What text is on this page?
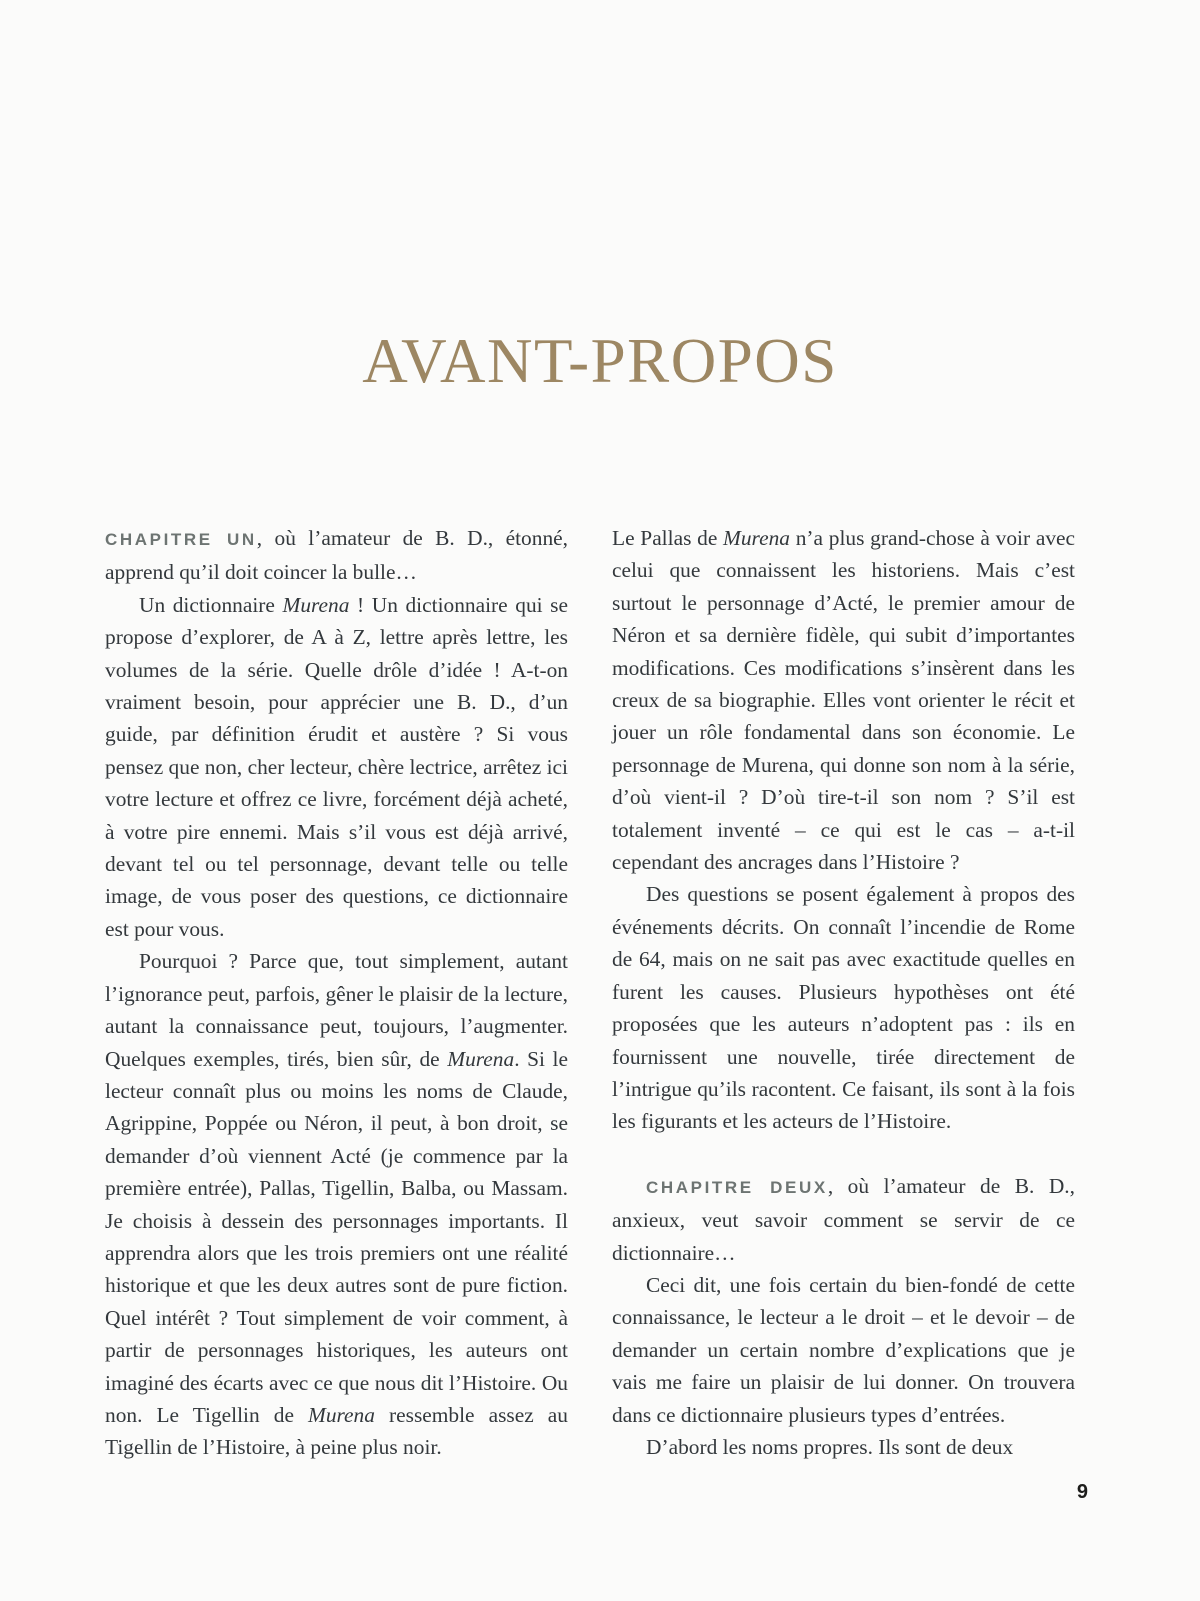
AVANT-PROPOS

CHAPITRE UN, où l’amateur de B. D., étonné, apprend qu’il doit coincer la bulle…

Un dictionnaire Murena ! Un dictionnaire qui se propose d’explorer, de A à Z, lettre après lettre, les volumes de la série. Quelle drôle d’idée ! A-t-on vraiment besoin, pour apprécier une B. D., d’un guide, par définition érudit et austère ? Si vous pensez que non, cher lecteur, chère lectrice, arrêtez ici votre lecture et offrez ce livre, forcément déjà acheté, à votre pire ennemi. Mais s’il vous est déjà arrivé, devant tel ou tel personnage, devant telle ou telle image, de vous poser des questions, ce dictionnaire est pour vous.

Pourquoi ? Parce que, tout simplement, autant l’ignorance peut, parfois, gêner le plaisir de la lecture, autant la connaissance peut, toujours, l’augmenter. Quelques exemples, tirés, bien sûr, de Murena. Si le lecteur connaît plus ou moins les noms de Claude, Agrippine, Poppée ou Néron, il peut, à bon droit, se demander d’où viennent Acté (je commence par la première entrée), Pallas, Tigellin, Balba, ou Massam. Je choisis à dessein des personnages importants. Il apprendra alors que les trois premiers ont une réalité historique et que les deux autres sont de pure fiction. Quel intérêt ? Tout simplement de voir comment, à partir de personnages historiques, les auteurs ont imaginé des écarts avec ce que nous dit l’Histoire. Ou non. Le Tigellin de Murena ressemble assez au Tigellin de l’Histoire, à peine plus noir.

Le Pallas de Murena n’a plus grand-chose à voir avec celui que connaissent les historiens. Mais c’est surtout le personnage d’Acté, le premier amour de Néron et sa dernière fidèle, qui subit d’importantes modifications. Ces modifications s’insèrent dans les creux de sa biographie. Elles vont orienter le récit et jouer un rôle fondamental dans son économie. Le personnage de Murena, qui donne son nom à la série, d’où vient-il ? D’où tire-t-il son nom ? S’il est totalement inventé – ce qui est le cas – a-t-il cependant des ancrages dans l’Histoire ?

Des questions se posent également à propos des événements décrits. On connaît l’incendie de Rome de 64, mais on ne sait pas avec exactitude quelles en furent les causes. Plusieurs hypothèses ont été proposées que les auteurs n’adoptent pas : ils en fournissent une nouvelle, tirée directement de l’intrigue qu’ils racontent. Ce faisant, ils sont à la fois les figurants et les acteurs de l’Histoire.

CHAPITRE DEUX, où l’amateur de B. D., anxieux, veut savoir comment se servir de ce dictionnaire…

Ceci dit, une fois certain du bien-fondé de cette connaissance, le lecteur a le droit – et le devoir – de demander un certain nombre d’explications que je vais me faire un plaisir de lui donner. On trouvera dans ce dictionnaire plusieurs types d’entrées.

D’abord les noms propres. Ils sont de deux

9
